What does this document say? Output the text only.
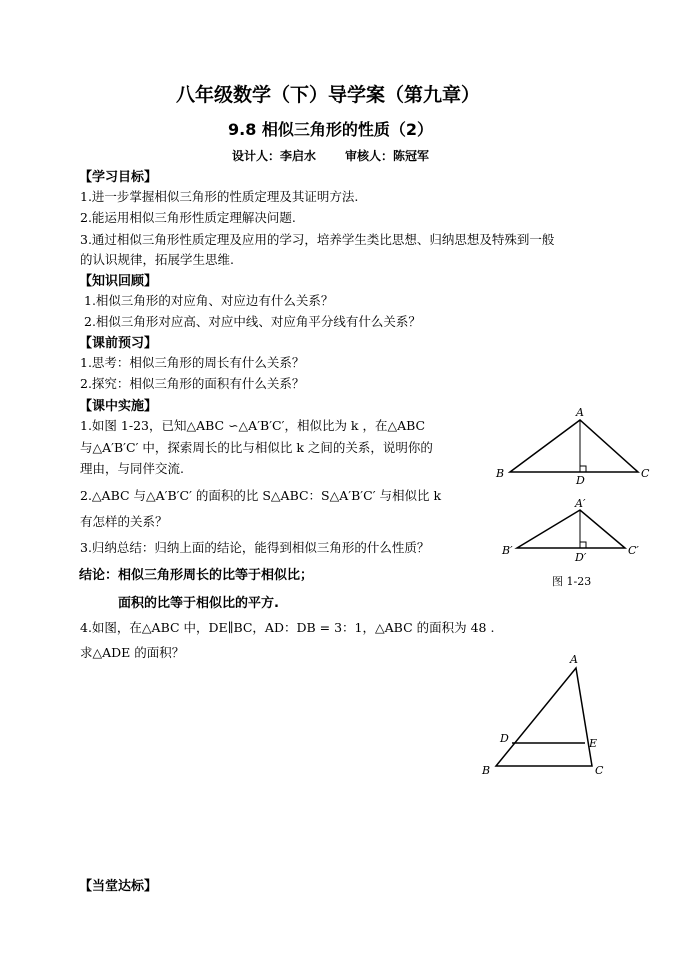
八年级数学（下）导学案（第九章）
9.8 相似三角形的性质（2）
设计人：李启水 审核人：陈冠军
【学习目标】
1.进一步掌握相似三角形的性质定理及其证明方法.
2.能运用相似三角形性质定理解决问题.
3.通过相似三角形性质定理及应用的学习，培养学生类比思想、归纳思想及特殊到一般
的认识规律，拓展学生思维.
【知识回顾】
1.相似三角形的对应角、对应边有什么关系？
2.相似三角形对应高、对应中线、对应角平分线有什么关系？
【课前预习】
1.思考：相似三角形的周长有什么关系？
2.探究：相似三角形的面积有什么关系？
【课中实施】
1.如图 1-23，已知△ABC ∽△A′B′C′，相似比为 k ，在△ABC
与△A′B′C′ 中，探索周长的比与相似比 k 之间的关系，说明你的
理由，与同伴交流.
2.△ABC 与△A′B′C′ 的面积的比 S△ABC：S△A′B′C′ 与相似比 k
有怎样的关系？
3.归纳总结：归纳上面的结论，能得到相似三角形的什么性质？
结论：相似三角形周长的比等于相似比；
面积的比等于相似比的平方.
4.如图，在△ABC 中，DE∥BC，AD：DB = 3：1，△ABC 的面积为 48 .
求△ADE 的面积？
A
B	C
D
A′
B′	C′
D′
图 1-23
A
D	E
B	C
【当堂达标】
